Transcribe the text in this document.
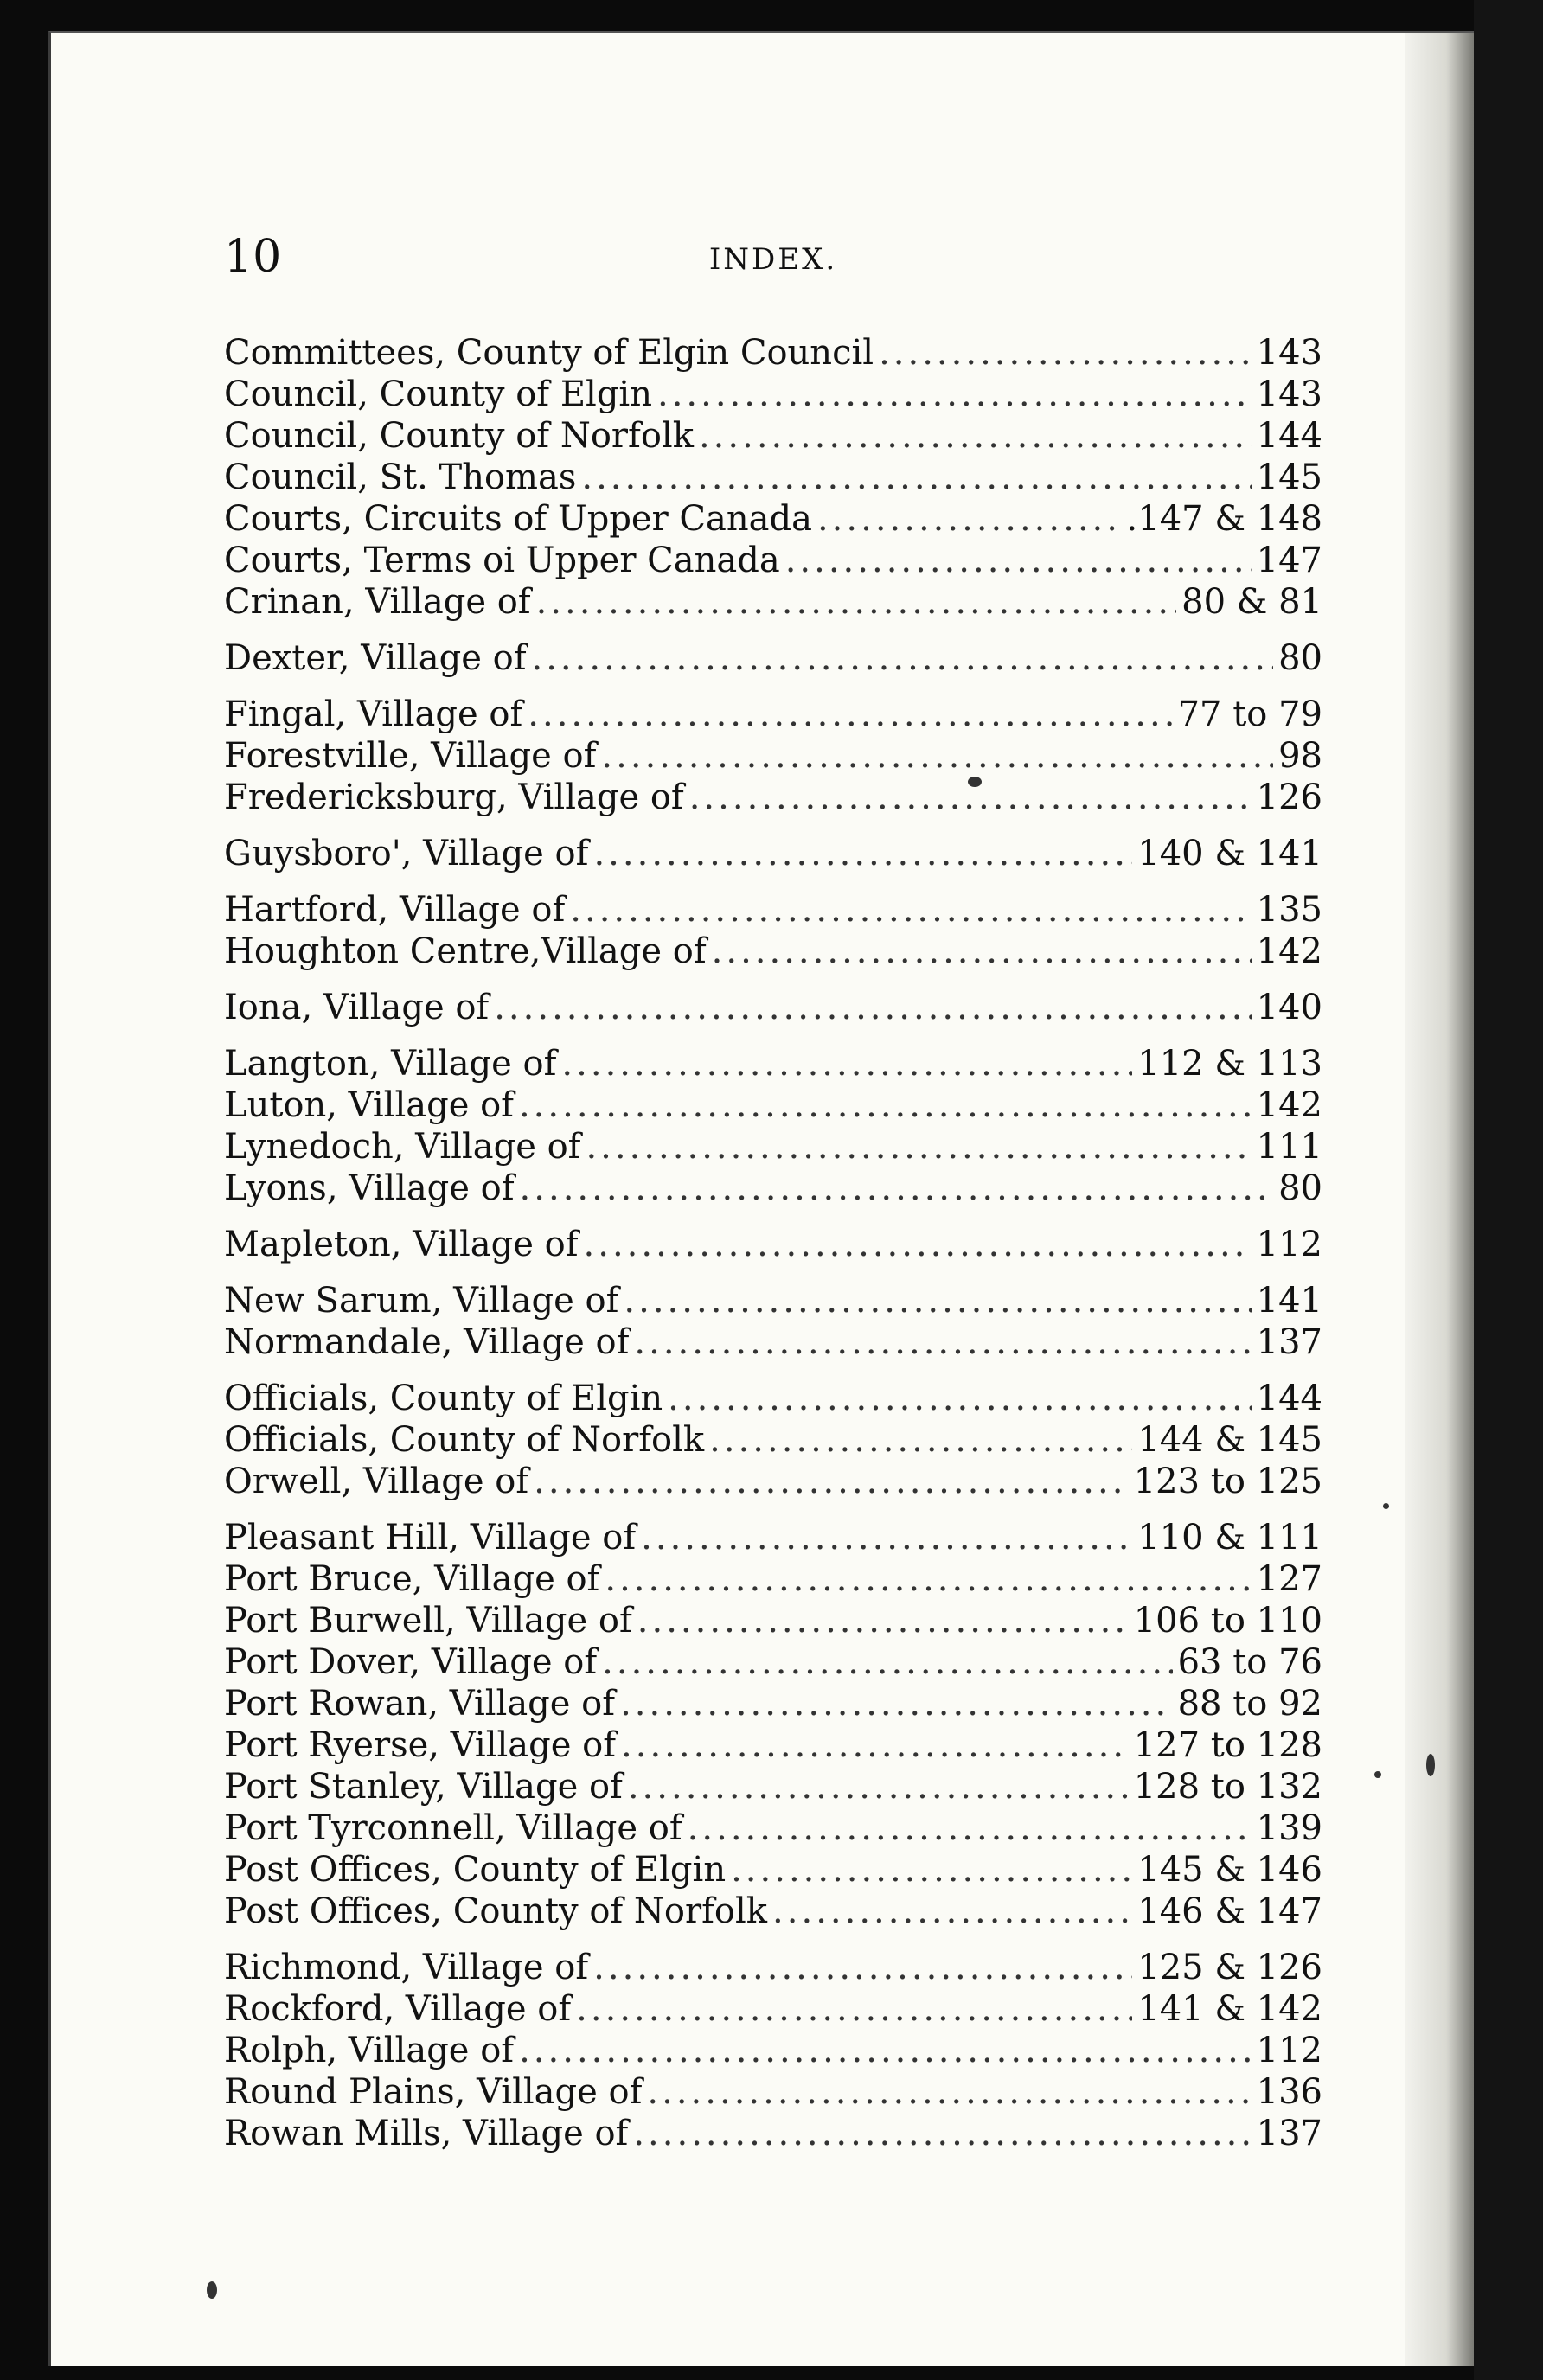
10	INDEX.
Committees, County of Elgin Council .....	143
Council, County of Elgin .....	143
Council, County of Norfolk .....	144
Council, St. Thomas .....	145
Courts, Circuits of Upper Canada .....	.147 & 148
Courts, Terms oi Upper Canada .....	147
Crinan, Village of .....	80 & 81
Dexter, Village of .....	80
Fingal, Village of .....	77 to 79
Forestville, Village of .....	98
Fredericksburg, Village of .....	126
Guysboro', Village of .....	140 & 141
Hartford, Village of .....	135
Houghton Centre,Village of .....	142
Iona, Village of .....	140
Langton, Village of .....	112 & 113
Luton, Village of .....	142
Lynedoch, Village of .....	111
Lyons, Village of .....	80
Mapleton, Village of .....	112
New Sarum, Village of .....	141
Normandale, Village of .....	137
Officials, County of Elgin .....	144
Officials, County of Norfolk .....	144 & 145
Orwell, Village of .....	123 to 125
Pleasant Hill, Village of .....	110 & 111
Port Bruce, Village of .....	127
Port Burwell, Village of .....	106 to 110
Port Dover, Village of .....	63 to 76
Port Rowan, Village of .....	88 to 92
Port Ryerse, Village of .....	127 to 128
Port Stanley, Village of .....	128 to 132
Port Tyrconnell, Village of .....	139
Post Offices, County of Elgin .....	145 & 146
Post Offices, County of Norfolk .....	146 & 147
Richmond, Village of .....	125 & 126
Rockford, Village of .....	141 & 142
Rolph, Village of .....	112
Round Plains, Village of .....	136
Rowan Mills, Village of .....	137
